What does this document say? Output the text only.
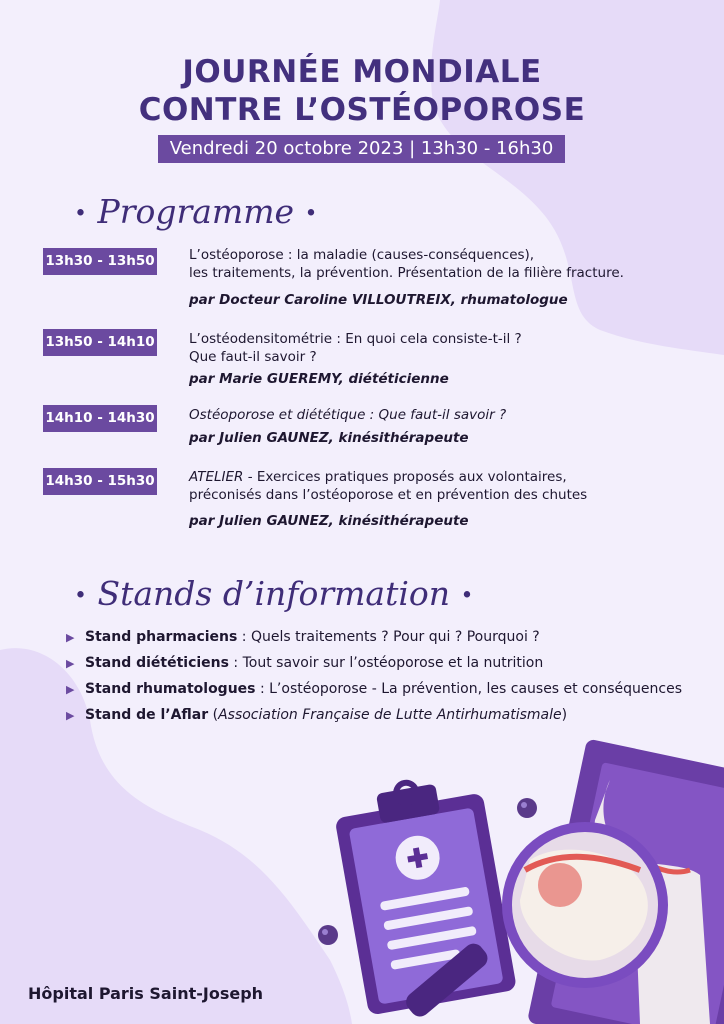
JOURNÉE MONDIALE
CONTRE L’OSTÉOPOROSE
Vendredi 20 octobre 2023 | 13h30 - 16h30
• Programme •
13h30 - 13h50	L’ostéoporose : la maladie (causes-conséquences),
les traitements, la prévention. Présentation de la filière fracture.
par Docteur Caroline VILLOUTREIX, rhumatologue
13h50 - 14h10	L’ostéodensitométrie : En quoi cela consiste-t-il ?
Que faut-il savoir ?
par Marie GUEREMY, diététicienne
14h10 - 14h30	Ostéoporose et diététique : Que faut-il savoir ?
par Julien GAUNEZ, kinésithérapeute
14h30 - 15h30	ATELIER - Exercices pratiques proposés aux volontaires,
préconisés dans l’ostéoporose et en prévention des chutes
par Julien GAUNEZ, kinésithérapeute
• Stands d’information •
▶ Stand pharmaciens : Quels traitements ? Pour qui ? Pourquoi ?
▶ Stand diététiciens : Tout savoir sur l’ostéoporose et la nutrition
▶ Stand rhumatologues : L’ostéoporose - La prévention, les causes et conséquences
▶ Stand de l’Aflar (Association Française de Lutte Antirhumatismale)
Hôpital Paris Saint-Joseph
